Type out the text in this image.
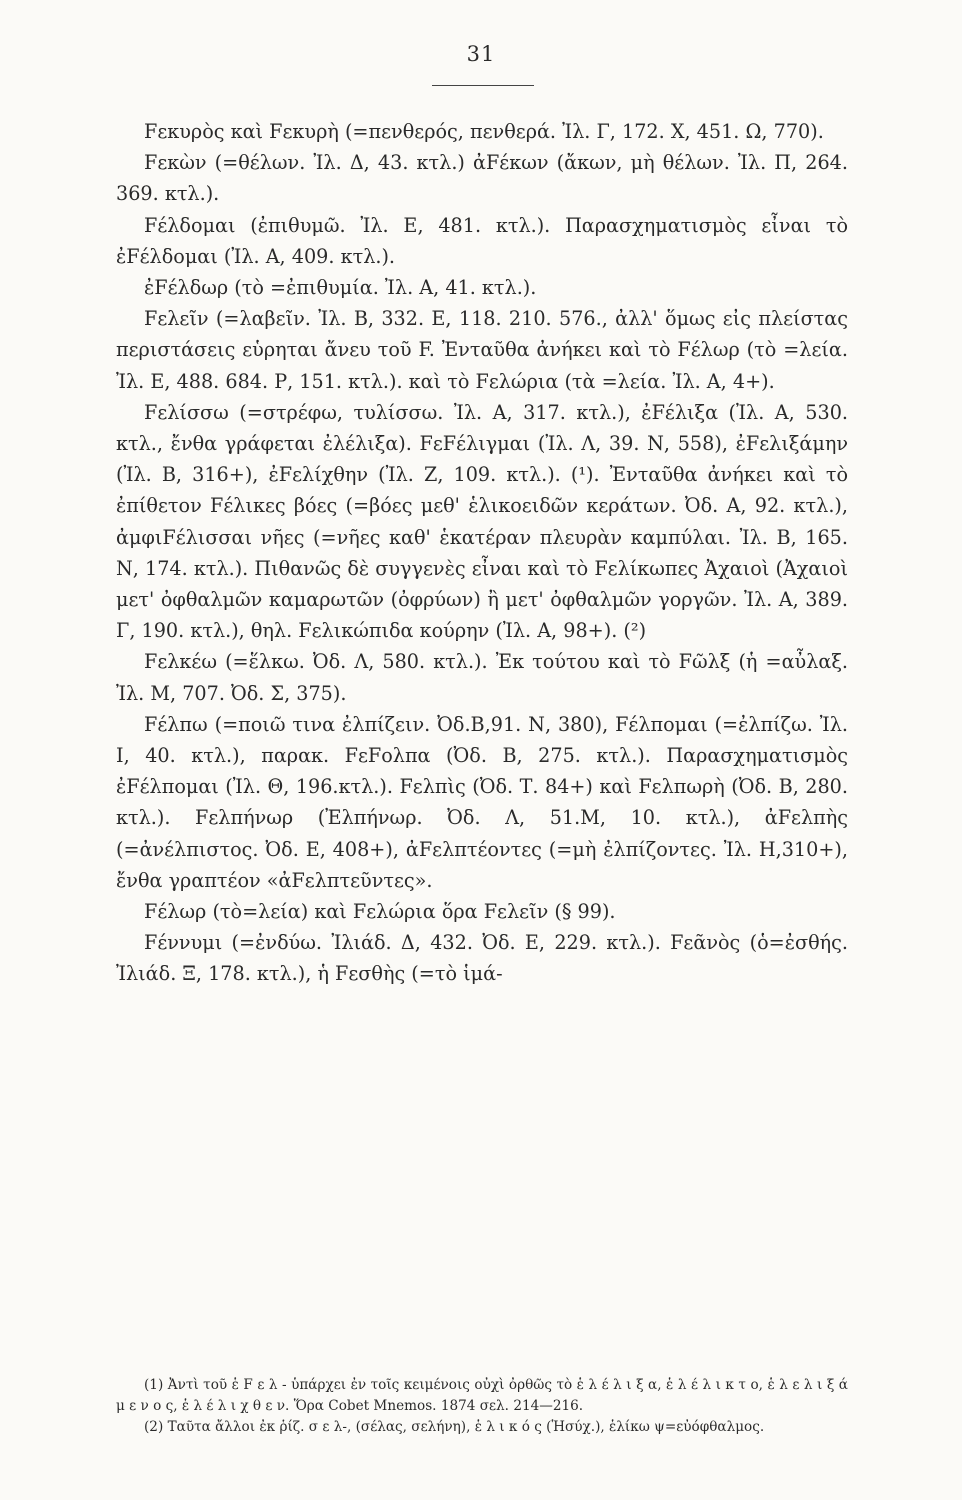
31

Fεκυρὸς καὶ Fεκυρὴ (=πενθερός, πενθερά. Ἰλ. Γ, 172. Χ, 451. Ω, 770).

Fεκὼν (=θέλων. Ἰλ. Δ, 43. κτλ.) ἀFέκων (ἄκων, μὴ θέλων. Ἰλ. Π, 264. 369. κτλ.).

Fέλδομαι (ἐπιθυμῶ. Ἰλ. Ε, 481. κτλ.). Παρασχηματισμὸς εἶναι τὸ ἐFέλδομαι (Ἰλ. Α, 409. κτλ.).

ἐFέλδωρ (τὸ =ἐπιθυμία. Ἰλ. Α, 41. κτλ.).

Fελεῖν (=λαβεῖν. Ἰλ. Β, 332. Ε, 118. 210. 576., ἀλλ' ὅμως εἰς πλείστας περιστάσεις εὑρηται ἄνευ τοῦ F. Ἐνταῦθα ἀνήκει καὶ τὸ Fέλωρ (τὸ =λεία. Ἰλ. Ε, 488. 684. Ρ, 151. κτλ.). καὶ τὸ Fελώρια (τὰ =λεία. Ἰλ. Α, 4+).

Fελίσσω (=στρέφω, τυλίσσω. Ἰλ. Α, 317. κτλ.), ἐFέλιξα (Ἰλ. Α, 530. κτλ., ἔνθα γράφεται ἐλέλιξα). FεFέλιγμαι (Ἰλ. Λ, 39. Ν, 558), ἐFελιξάμην (Ἰλ. Β, 316+), ἐFελίχθην (Ἰλ. Ζ, 109. κτλ.). (¹). Ἐνταῦθα ἀνήκει καὶ τὸ ἐπίθετον Fέλικες βόες (=βόες μεθ' ἑλικοειδῶν κεράτων. Ὀδ. Α, 92. κτλ.), ἀμφιFέλισσαι νῆες (=νῆες καθ' ἑκατέραν πλευρὰν καμπύλαι. Ἰλ. Β, 165. Ν, 174. κτλ.). Πιθανῶς δὲ συγγενὲς εἶναι καὶ τὸ Fελίκωπες Ἀχαιοὶ (Ἀχαιοὶ μετ' ὀφθαλμῶν καμαρωτῶν (ὀφρύων) ἢ μετ' ὀφθαλμῶν γοργῶν. Ἰλ. Α, 389. Γ, 190. κτλ.), θηλ. Fελικώπιδα κούρην (Ἰλ. Α, 98+). (²)

Fελκέω (=ἕλκω. Ὀδ. Λ, 580. κτλ.). Ἐκ τούτου καὶ τὸ Fῶλξ (ἡ =αὖλαξ. Ἰλ. Μ, 707. Ὀδ. Σ, 375).

Fέλπω (=ποιῶ τινα ἐλπίζειν. Ὀδ.Β,91. Ν, 380), Fέλπομαι (=ἐλπίζω. Ἰλ. Ι, 40. κτλ.), παρακ. FεFολπα (Ὀδ. Β, 275. κτλ.). Παρασχηματισμὸς ἐFέλπομαι (Ἰλ. Θ, 196.κτλ.). Fελπὶς (Ὀδ. Τ. 84+) καὶ Fελπωρὴ (Ὀδ. Β, 280. κτλ.). Fελπήνωρ (Ἐλπήνωρ. Ὀδ. Λ, 51.Μ, 10. κτλ.), ἀFελπὴς (=ἀνέλπιστος. Ὀδ. Ε, 408+), ἀFελπτέοντες (=μὴ ἐλπίζοντες. Ἰλ. Η,310+), ἔνθα γραπτέον «ἀFελπτεῦντες».

Fέλωρ (τὸ=λεία) καὶ Fελώρια ὅρα Fελεῖν (§ 99).

Fέννυμι (=ἐνδύω. Ἰλιάδ. Δ, 432. Ὀδ. Ε, 229. κτλ.). Fεᾶνὸς (ὁ=ἐσθής. Ἰλιάδ. Ξ, 178. κτλ.), ἡ Fεσθὴς (=τὸ ἱμά-

(1) Ἀντὶ τοῦ ἑ F ε λ - ὑπάρχει ἐν τοῖς κειμένοις οὐχὶ ὀρθῶς τὸ ἑ λ έ λ ι ξ α, ἑ λ έ λ ι κ τ ο, ἑ λ ε λ ι ξ ά μ ε ν ο ς, ἑ λ έ λ ι χ θ ε ν. Ὅρα Cobet Mnemos. 1874 σελ. 214—216.

(2) Ταῦτα ἄλλοι ἐκ ῥίζ. σ ε λ-, (σέλας, σελήνη), ἑ λ ι κ ό ς (Ἡσύχ.), ἑλίκω ψ=εὐόφθαλμος.
